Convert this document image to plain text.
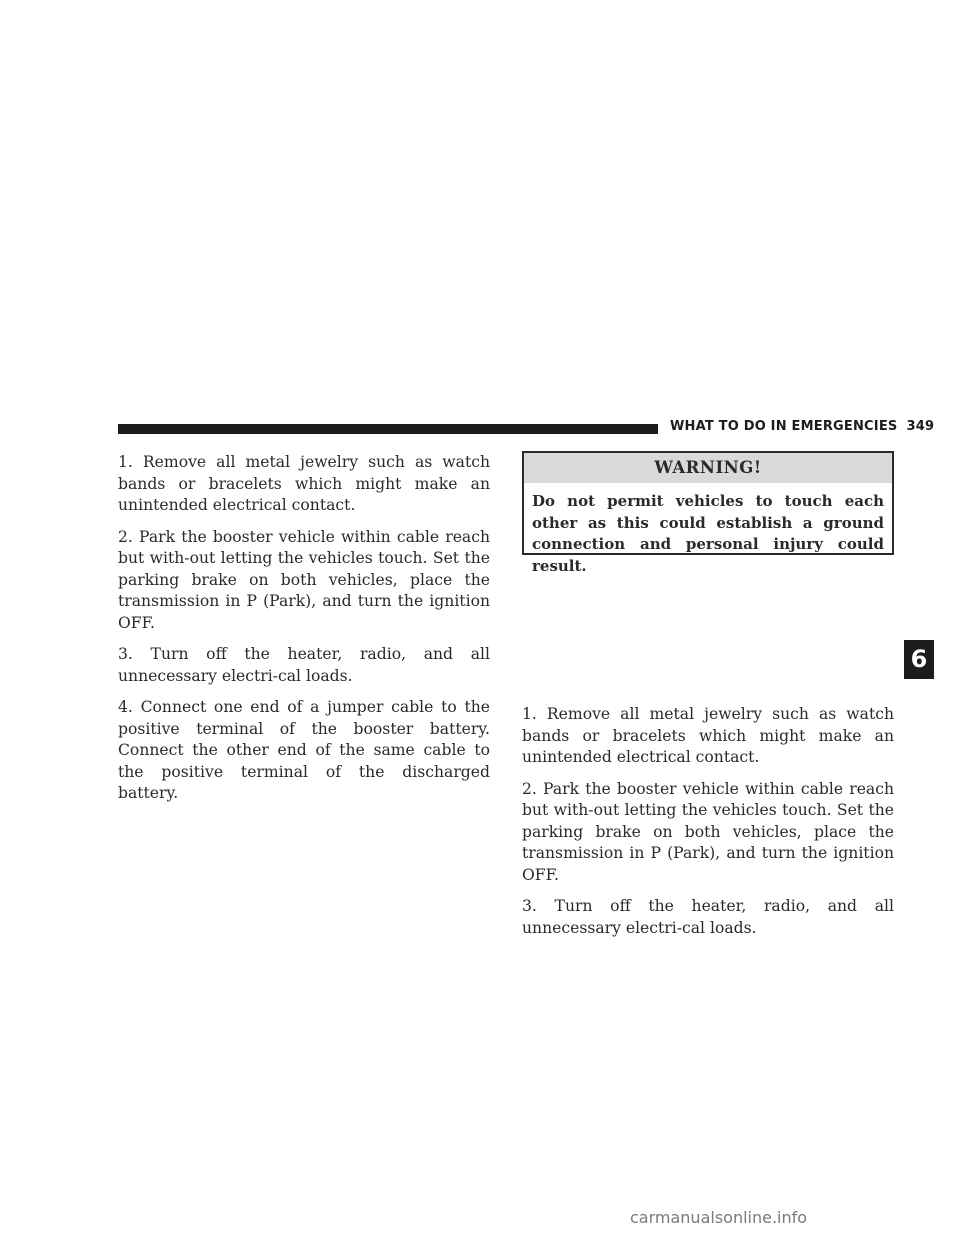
WHAT TO DO IN EMERGENCIES 349

1. Remove all metal jewelry such as watch bands or bracelets which might make an unintended electrical contact.

2. Park the booster vehicle within cable reach but with-out letting the vehicles touch. Set the parking brake on both vehicles, place the transmission in P (Park), and turn the ignition OFF.

3. Turn off the heater, radio, and all unnecessary electri-cal loads.

4. Connect one end of a jumper cable to the positive terminal of the booster battery. Connect the other end of the same cable to the positive terminal of the discharged battery.

WARNING!
Do not permit vehicles to touch each other as this could establish a ground connection and personal injury could result.

1. Remove all metal jewelry such as watch bands or bracelets which might make an unintended electrical contact.

2. Park the booster vehicle within cable reach but with-out letting the vehicles touch. Set the parking brake on both vehicles, place the transmission in P (Park), and turn the ignition OFF.

3. Turn off the heater, radio, and all unnecessary electri-cal loads.

6
carmanualsonline.info
